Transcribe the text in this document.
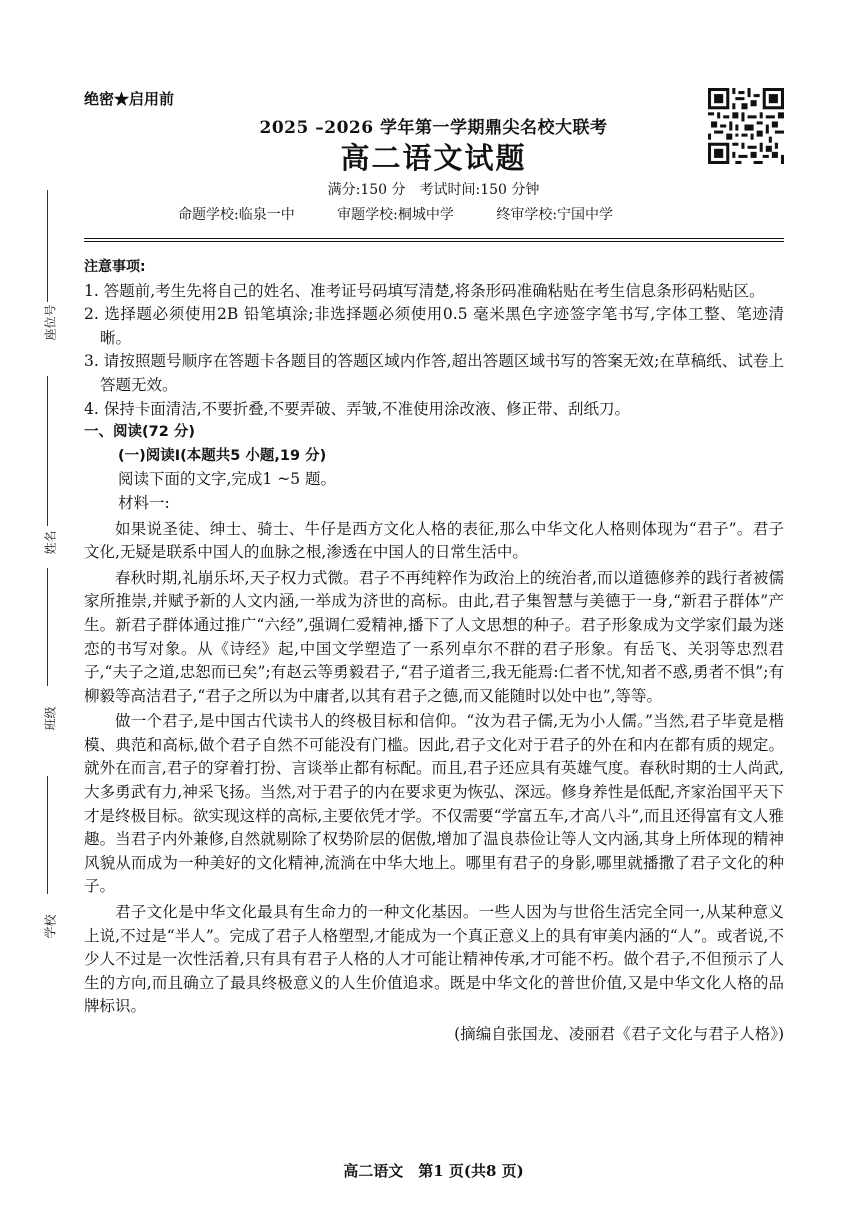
绝密★启用前
2025 –2026 学年第一学期鼎尖名校大联考
高二语文试题
满分:150 分　考试时间:150 分钟
命题学校:临泉一中	审题学校:桐城中学	终审学校:宁国中学
座位号
姓名
班级
学校

注意事项:

1. 答题前,考生先将自己的姓名、准考证号码填写清楚,将条形码准确粘贴在考生信息条形码粘贴区。

2. 选择题必须使用2B 铅笔填涂;非选择题必须使用0.5 毫米黑色字迹签字笔书写,字体工整、笔迹清晰。

3. 请按照题号顺序在答题卡各题目的答题区域内作答,超出答题区域书写的答案无效;在草稿纸、试卷上答题无效。

4. 保持卡面清洁,不要折叠,不要弄破、弄皱,不准使用涂改液、修正带、刮纸刀。

一、阅读(72 分)

(一)阅读Ⅰ(本题共5 小题,19 分)

阅读下面的文字,完成1 ~5 题。

材料一:

如果说圣徒、绅士、骑士、牛仔是西方文化人格的表征,那么中华文化人格则体现为“君子”。君子文化,无疑是联系中国人的血脉之根,渗透在中国人的日常生活中。

春秋时期,礼崩乐坏,天子权力式微。君子不再纯粹作为政治上的统治者,而以道德修养的践行者被儒家所推崇,并赋予新的人文内涵,一举成为济世的高标。由此,君子集智慧与美德于一身,“新君子群体”产生。新君子群体通过推广“六经”,强调仁爱精神,播下了人文思想的种子。君子形象成为文学家们最为迷恋的书写对象。从《诗经》起,中国文学塑造了一系列卓尔不群的君子形象。有岳飞、关羽等忠烈君子,“夫子之道,忠恕而已矣”;有赵云等勇毅君子,“君子道者三,我无能焉:仁者不忧,知者不惑,勇者不惧”;有柳毅等高洁君子,“君子之所以为中庸者,以其有君子之德,而又能随时以处中也”,等等。

做一个君子,是中国古代读书人的终极目标和信仰。“汝为君子儒,无为小人儒。”当然,君子毕竟是楷模、典范和高标,做个君子自然不可能没有门槛。因此,君子文化对于君子的外在和内在都有质的规定。就外在而言,君子的穿着打扮、言谈举止都有标配。而且,君子还应具有英雄气度。春秋时期的士人尚武,大多勇武有力,神采飞扬。当然,对于君子的内在要求更为恢弘、深远。修身养性是低配,齐家治国平天下才是终极目标。欲实现这样的高标,主要依凭才学。不仅需要“学富五车,才高八斗”,而且还得富有文人雅趣。当君子内外兼修,自然就剔除了权势阶层的倨傲,增加了温良恭俭让等人文内涵,其身上所体现的精神风貌从而成为一种美好的文化精神,流淌在中华大地上。哪里有君子的身影,哪里就播撒了君子文化的种子。

君子文化是中华文化最具有生命力的一种文化基因。一些人因为与世俗生活完全同一,从某种意义上说,不过是“半人”。完成了君子人格塑型,才能成为一个真正意义上的具有审美内涵的“人”。或者说,不少人不过是一次性活着,只有具有君子人格的人才可能让精神传承,才可能不朽。做个君子,不但预示了人生的方向,而且确立了最具终极意义的人生价值追求。既是中华文化的普世价值,又是中华文化人格的品牌标识。

(摘编自张国龙、凌丽君《君子文化与君子人格》)

高二语文　第1 页(共8 页)
